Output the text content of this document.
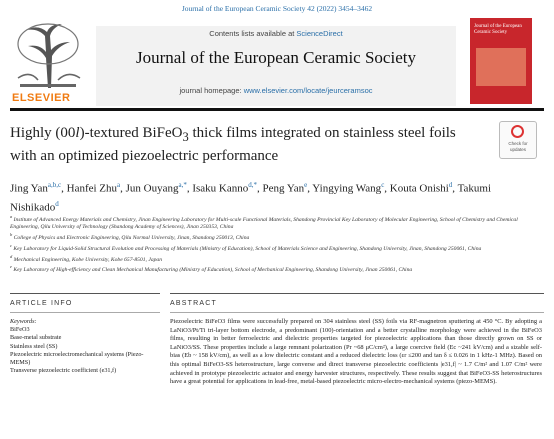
Journal of the European Ceramic Society 42 (2022) 3454–3462
ELSEVIER
Contents lists available at ScienceDirect
Journal of the European Ceramic Society
journal homepage: www.elsevier.com/locate/jeurceramsoc
Journal of the European Ceramic Society
Highly (00l)-textured BiFeO$_3$ thick films integrated on stainless steel foils with an optimized piezoelectric performance
Check for
updates
Jing Yan$^{a,b,c}$, Hanfei Zhu$^a$, Jun Ouyang$^{a,*}$, Isaku Kanno$^{d,*}$, Peng Yan$^e$, Yingying Wang$^c$, Kouta Onishi$^d$, Takumi Nishikado$^d$

$^a$ Institute of Advanced Energy Materials and Chemistry, Jinan Engineering Laboratory for Multi-scale Functional Materials, Shandong Provincial Key Laboratory of Molecular Engineering, School of Chemistry and Chemical Engineering, Qilu University of Technology (Shandong Academy of Sciences), Jinan 250353, China

$^b$ College of Physics and Electronic Engineering, Qilu Normal University, Jinan, Shandong 250013, China

$^c$ Key Laboratory for Liquid-Solid Structural Evolution and Processing of Materials (Ministry of Education), School of Materials Science and Engineering, Shandong University, Jinan, Shandong 250061, China

$^d$ Mechanical Engineering, Kobe University, Kobe 657-8501, Japan

$^e$ Key Laboratory of High-efficiency and Clean Mechanical Manufacturing (Ministry of Education), School of Mechanical Engineering, Shandong University, Jinan 250061, China

ARTICLE INFO	ABSTRACT
Keywords:
BiFeO3
Base-metal substrate
Stainless steel (SS)
Piezoelectric microelectromechanical systems (Piezo-MEMS)
Transverse piezoelectric coefficient (e31,f)
Piezoelectric BiFeO3 films were successfully prepared on 304 stainless steel (SS) foils via RF-magnetron sputtering at 450 °C. By adopting a LaNiO3/Pt/Ti tri-layer bottom electrode, a predominant (100)-orientation and a better crystalline morphology were achieved in the BiFeO3 films, resulting in better ferroelectric and dielectric properties targeted for piezoelectric applications than those directly grown on SS or LaNiO3/SS. These properties include a large remnant polarization (Pr ~68 μC/cm²), a large coercive field (Ec ~241 kV/cm) and a sizable self-bias (Eb ~ 158 kV/cm), as well as a low dielectric constant and a reduced dielectric loss (εr ≤200 and tan δ ≤ 0.026 in 1 kHz-1 MHz). Based on this optimal BiFeO3-SS heterostructure, large converse and direct transverse piezoelectric coefficients |e31,f| ~ 1.7 C/m² and 1.07 C/m² were achieved in prototype piezoelectric actuator and energy harvester structures, respectively. These results suggest that BiFeO3-SS heterostructures have a great potential for applications in lead-free, metal-based piezoelectric micro-electro-mechanical systems (piezo-MEMS).
